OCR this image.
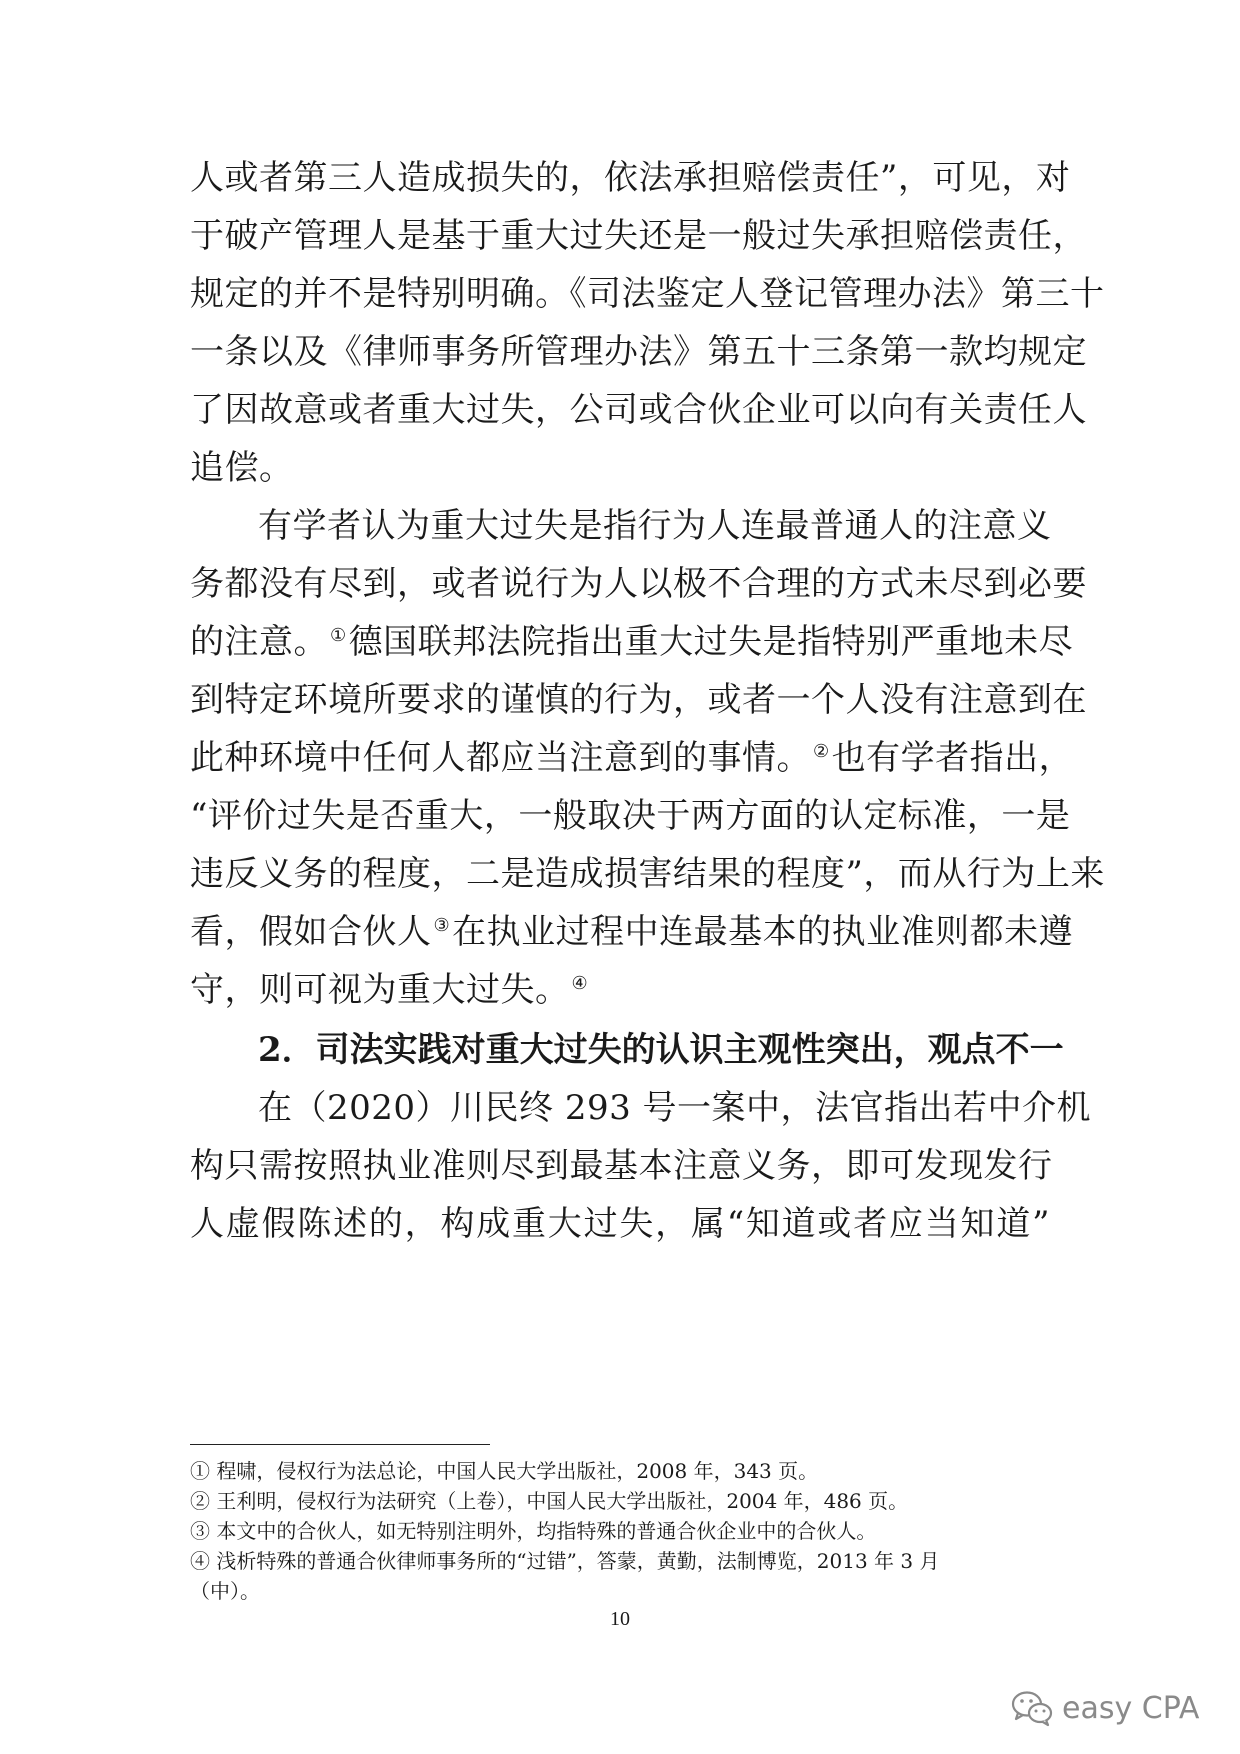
人或者第三人造成损失的，依法承担赔偿责任”，可见，对
于破产管理人是基于重大过失还是一般过失承担赔偿责任，
规定的并不是特别明确。《司法鉴定人登记管理办法》第三十
一条以及《律师事务所管理办法》第五十三条第一款均规定
了因故意或者重大过失，公司或合伙企业可以向有关责任人
追偿。
有学者认为重大过失是指行为人连最普通人的注意义
务都没有尽到，或者说行为人以极不合理的方式未尽到必要
的注意。 ①德国联邦法院指出重大过失是指特别严重地未尽
到特定环境所要求的谨慎的行为，或者一个人没有注意到在
此种环境中任何人都应当注意到的事情。 ②也有学者指出，
“评价过失是否重大，一般取决于两方面的认定标准，一是
违反义务的程度，二是造成损害结果的程度”，而从行为上来
看，假如合伙人 ③在执业过程中连最基本的执业准则都未遵
守，则可视为重大过失。 ④
2．司法实践对重大过失的认识主观性突出，观点不一
在（2020）川民终 293 号一案中，法官指出若中介机
构只需按照执业准则尽到最基本注意义务，即可发现发行
人虚假陈述的，构成重大过失，属“知道或者应当知道”
① 程啸，侵权行为法总论，中国人民大学出版社，2008 年，343 页。
② 王利明，侵权行为法研究（上卷），中国人民大学出版社，2004 年，486 页。
③ 本文中的合伙人，如无特别注明外，均指特殊的普通合伙企业中的合伙人。
④ 浅析特殊的普通合伙律师事务所的“过错”，答蒙，黄勤，法制博览，2013 年 3 月
（中）。
10
easy CPA
